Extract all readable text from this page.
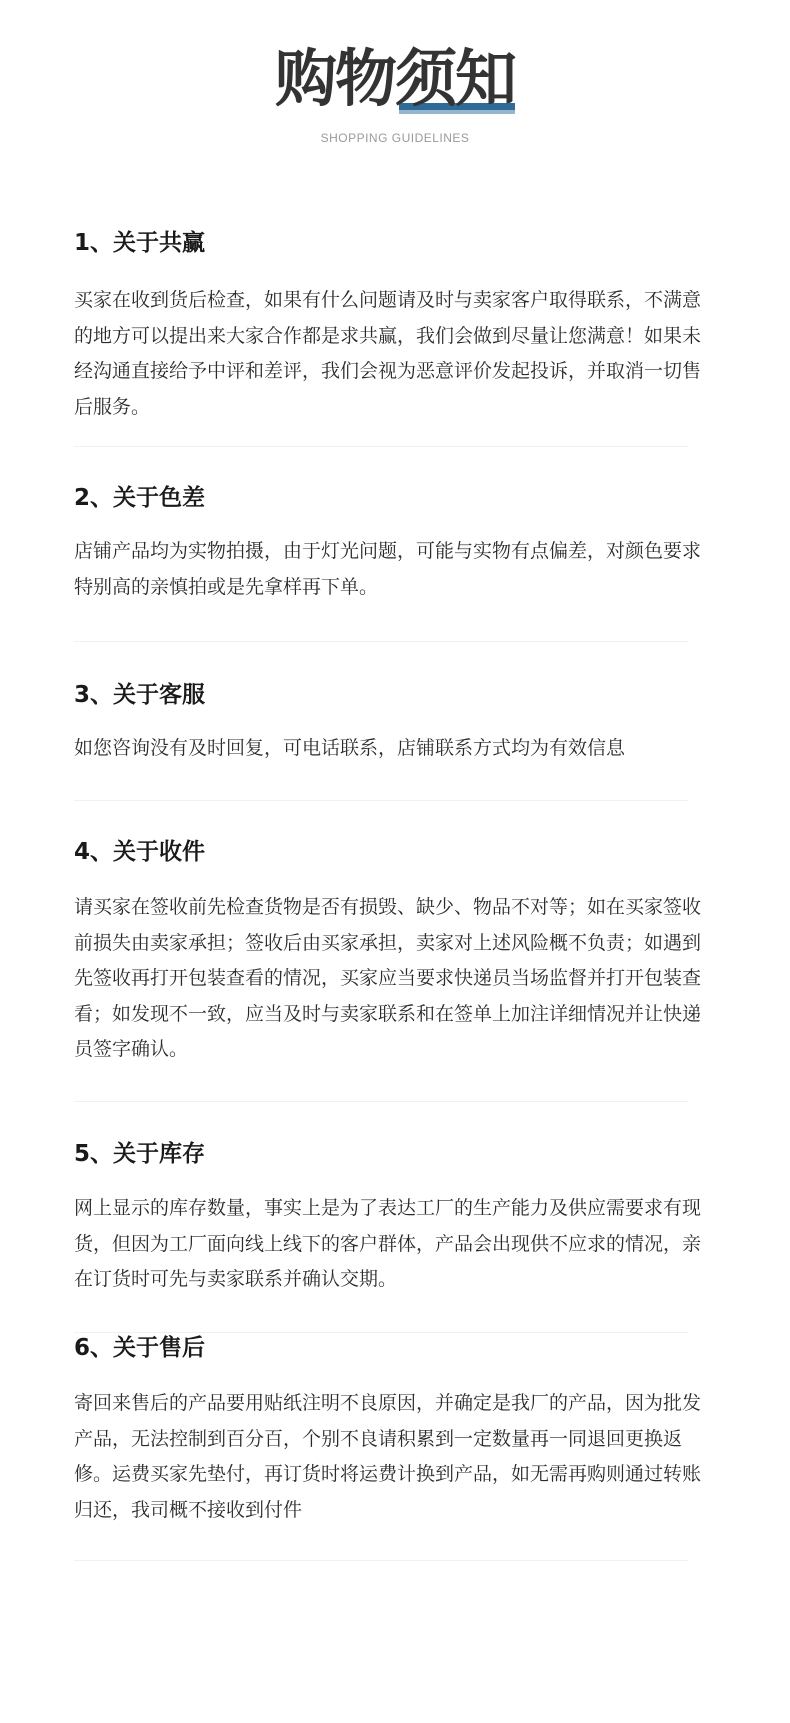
购物须知
SHOPPING GUIDELINES
1、关于共赢

买家在收到货后检查，如果有什么问题请及时与卖家客户取得联系，不满意的地方可以提出来大家合作都是求共赢，我们会做到尽量让您满意！如果未经沟通直接给予中评和差评，我们会视为恶意评价发起投诉，并取消一切售后服务。

2、关于色差

店铺产品均为实物拍摄，由于灯光问题，可能与实物有点偏差，对颜色要求特别高的亲慎拍或是先拿样再下单。

3、关于客服

如您咨询没有及时回复，可电话联系，店铺联系方式均为有效信息

4、关于收件

请买家在签收前先检查货物是否有损毁、缺少、物品不对等；如在买家签收前损失由卖家承担；签收后由买家承担，卖家对上述风险概不负责；如遇到先签收再打开包装查看的情况，买家应当要求快递员当场监督并打开包装查看；如发现不一致，应当及时与卖家联系和在签单上加注详细情况并让快递员签字确认。

5、关于库存

网上显示的库存数量，事实上是为了表达工厂的生产能力及供应需要求有现货，但因为工厂面向线上线下的客户群体，产品会出现供不应求的情况，亲在订货时可先与卖家联系并确认交期。

6、关于售后

寄回来售后的产品要用贴纸注明不良原因，并确定是我厂的产品，因为批发产品，无法控制到百分百，个别不良请积累到一定数量再一同退回更换返修。运费买家先垫付，再订货时将运费计换到产品，如无需再购则通过转账归还，我司概不接收到付件
